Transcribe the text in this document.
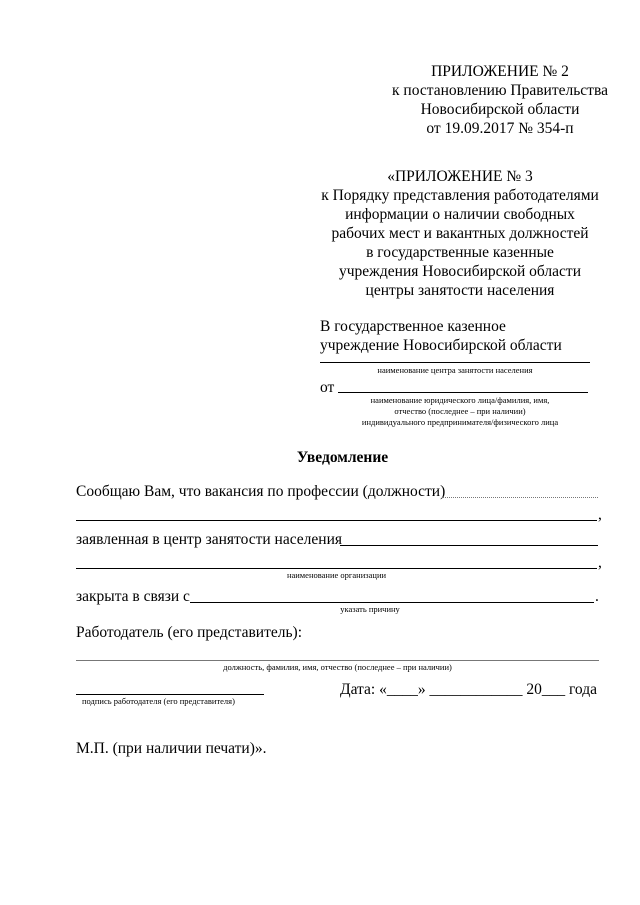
ПРИЛОЖЕНИЕ № 2
к постановлению Правительства
Новосибирской области
от 19.09.2017 № 354-п
«ПРИЛОЖЕНИЕ № 3
к Порядку представления работодателями
информации о наличии свободных
рабочих мест и вакантных должностей
в государственные казенные
учреждения Новосибирской области
центры занятости населения
В государственное казенное
учреждение Новосибирской области
наименование центра занятости населения
от
наименование юридического лица/фамилия, имя,
отчество (последнее – при наличии)
индивидуального предпринимателя/физического лица
Уведомление
Сообщаю Вам, что вакансия по профессии (должности)
,
заявленная в центр занятости населения
,
наименование организации
закрыта в связи с	.
указать причину
Работодатель (его представитель):
должность, фамилия, имя, отчество (последнее – при наличии)
подпись работодателя (его представителя)
Дата: «____» ____________ 20___ года
М.П. (при наличии печати)».
